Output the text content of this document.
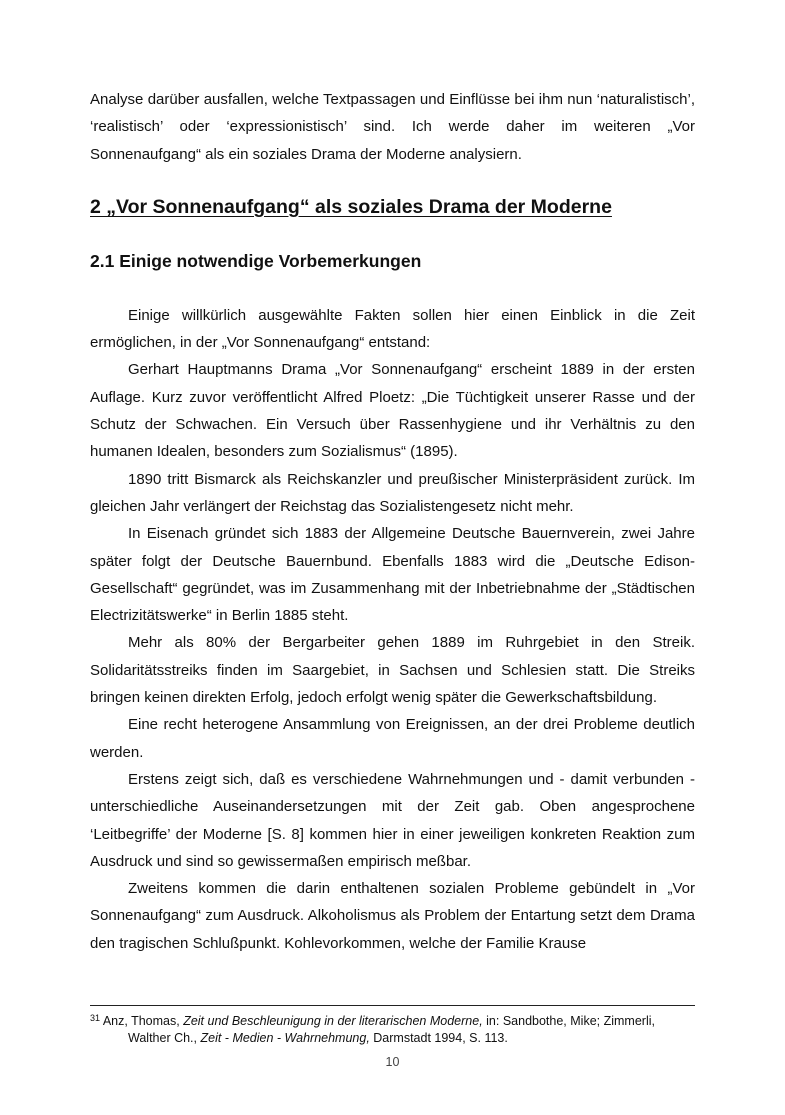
Analyse darüber ausfallen, welche Textpassagen und Einflüsse bei ihm nun ‘naturalistisch’, ‘realistisch’ oder ‘expressionistisch’ sind. Ich werde daher im weiteren „Vor Sonnenaufgang“ als ein soziales Drama der Moderne analysiern.

2 „Vor Sonnenaufgang“ als soziales Drama der Moderne
2.1 Einige notwendige Vorbemerkungen

Einige willkürlich ausgewählte Fakten sollen hier einen Einblick in die Zeit ermöglichen, in der „Vor Sonnenaufgang“ entstand:

Gerhart Hauptmanns Drama „Vor Sonnenaufgang“ erscheint 1889 in der ersten Auflage. Kurz zuvor veröffentlicht Alfred Ploetz: „Die Tüchtigkeit unserer Rasse und der Schutz der Schwachen. Ein Versuch über Rassenhygiene und ihr Verhältnis zu den humanen Idealen, besonders zum Sozialismus“ (1895).

1890 tritt Bismarck als Reichskanzler und preußischer Ministerpräsident zurück. Im gleichen Jahr verlängert der Reichstag das Sozialistengesetz nicht mehr.

In Eisenach gründet sich 1883 der Allgemeine Deutsche Bauernverein, zwei Jahre später folgt der Deutsche Bauernbund. Ebenfalls 1883 wird die „Deutsche Edison-Gesellschaft“ gegründet, was im Zusammenhang mit der Inbetriebnahme der „Städtischen Electrizitätswerke“ in Berlin 1885 steht.

Mehr als 80% der Bergarbeiter gehen 1889 im Ruhrgebiet in den Streik. Solidaritätsstreiks finden im Saargebiet, in Sachsen und Schlesien statt. Die Streiks bringen keinen direkten Erfolg, jedoch erfolgt wenig später die Gewerkschaftsbildung.

Eine recht heterogene Ansammlung von Ereignissen, an der drei Probleme deutlich werden.

Erstens zeigt sich, daß es verschiedene Wahrnehmungen und - damit verbunden - unterschiedliche Auseinandersetzungen mit der Zeit gab. Oben angesprochene ‘Leitbegriffe’ der Moderne [S. 8] kommen hier in einer jeweiligen konkreten Reaktion zum Ausdruck und sind so gewissermaßen empirisch meßbar.

Zweitens kommen die darin enthaltenen sozialen Probleme gebündelt in „Vor Sonnenaufgang“ zum Ausdruck. Alkoholismus als Problem der Entartung setzt dem Drama den tragischen Schlußpunkt. Kohlevorkommen, welche der Familie Krause

$^{31}$ Anz, Thomas, Zeit und Beschleunigung in der literarischen Moderne, in: Sandbothe, Mike; Zimmerli,
Walther Ch., Zeit - Medien - Wahrnehmung, Darmstadt 1994, S. 113.
10
